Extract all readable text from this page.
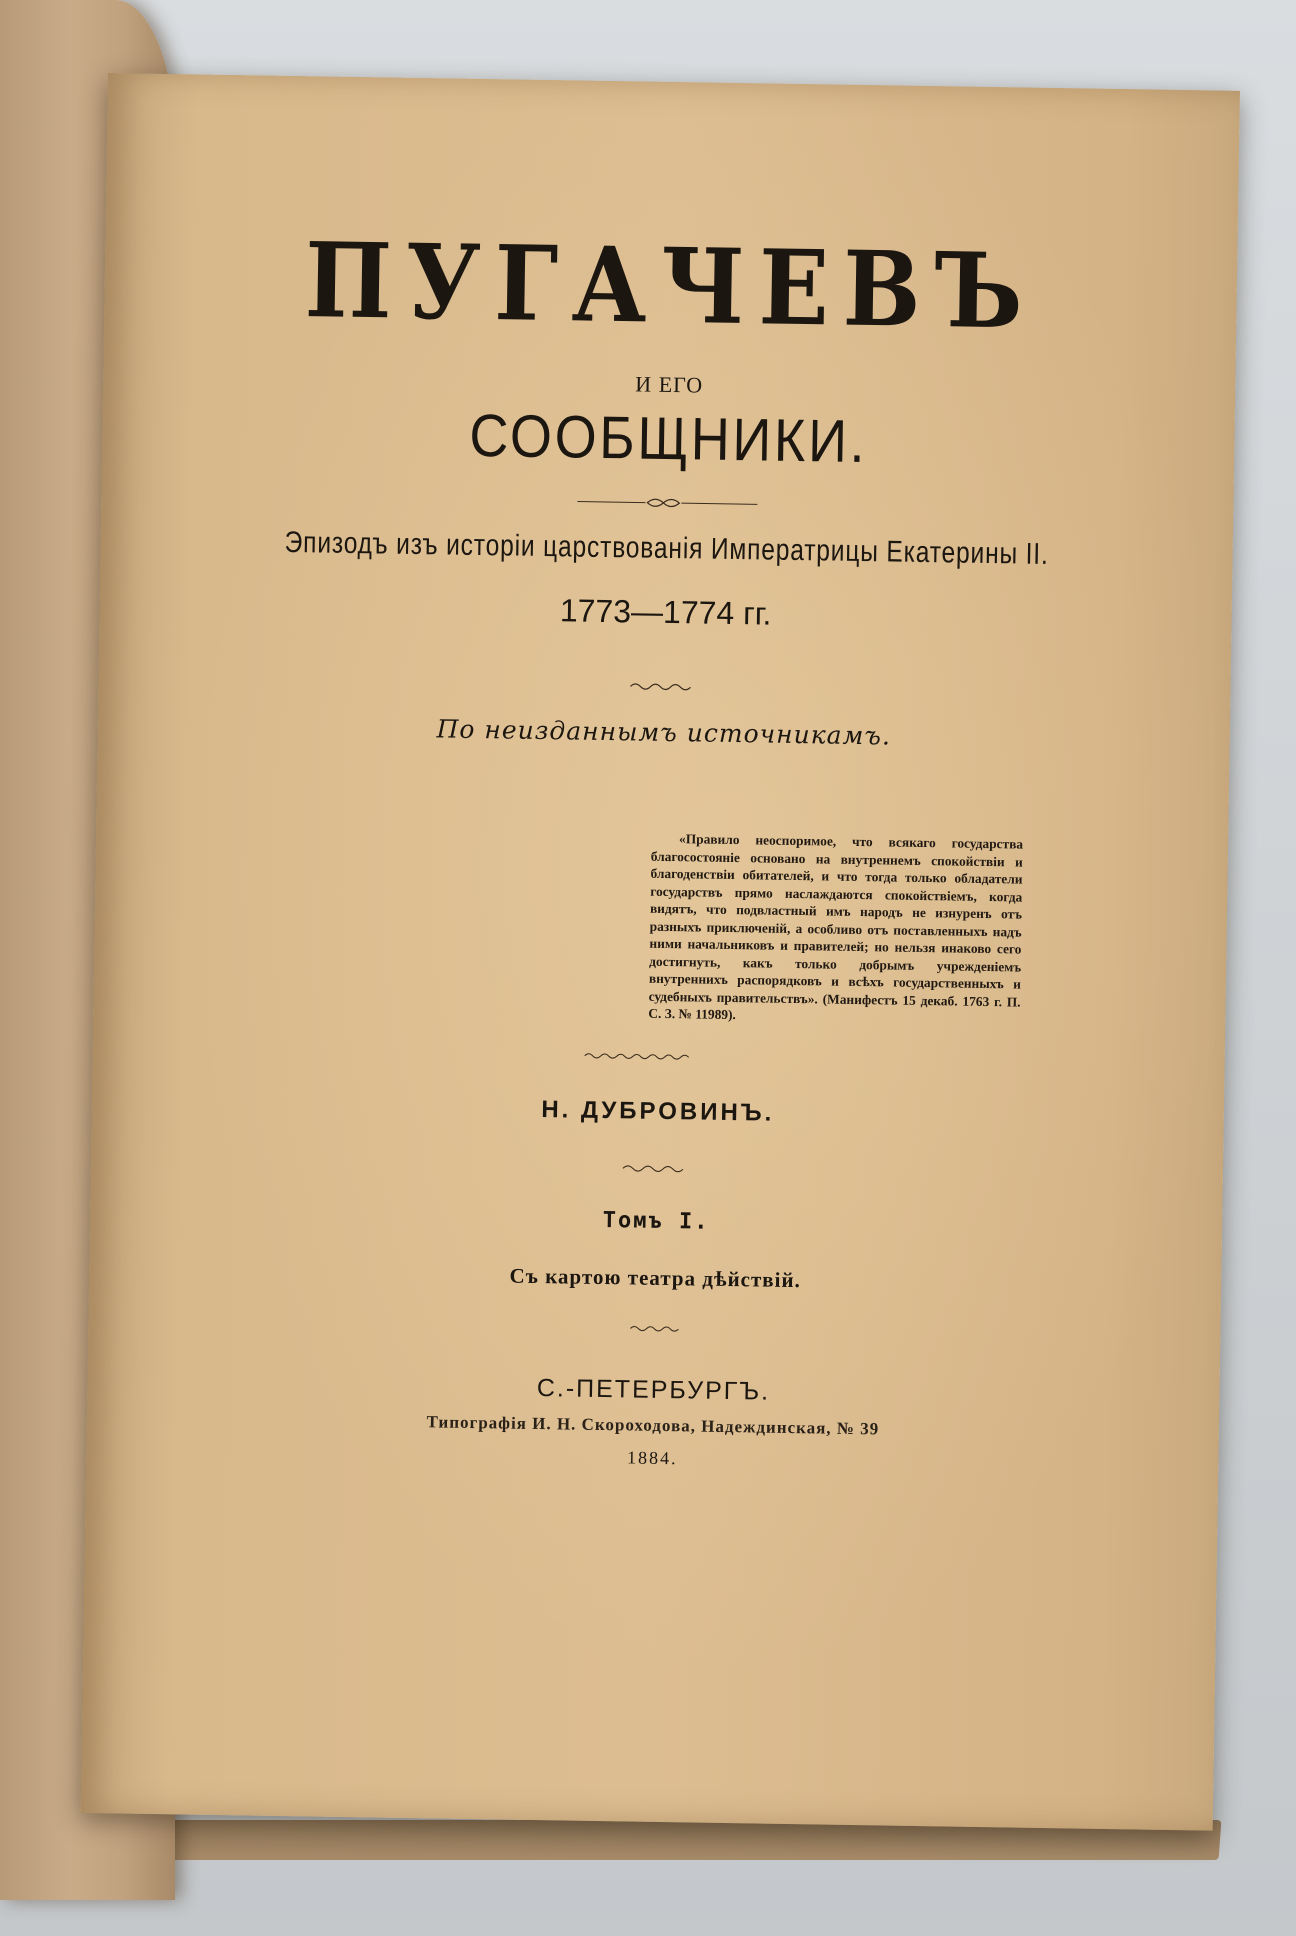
ПУГАЧЕВЪ
И ЕГО
СООБЩНИКИ.
Эпизодъ изъ исторіи царствованія Императрицы Екатерины II.
1773—1774 гг.
По неизданнымъ источникамъ.
«Правило неоспоримое, что всякаго государства благосостояніе основано на внутреннемъ спокойствіи и благоденствіи обитателей, и что тогда только обладатели государствъ прямо наслаждаются спокойствіемъ, когда видятъ, что подвластный имъ народъ не изнуренъ отъ разныхъ приключеній, а особливо отъ поставленныхъ надъ ними начальниковъ и правителей; но нельзя инаково сего достигнуть, какъ только добрымъ учрежденіемъ внутреннихъ распорядковъ и всѣхъ государственныхъ и судебныхъ правительствъ». (Манифестъ 15 декаб. 1763 г. П. С. З. № 11989).
Н. ДУБРОВИНЪ.
Томъ I.
Съ картою театра дѣйствій.
С.-ПЕТЕРБУРГЪ.
Типографія И. Н. Скороходова, Надеждинская, № 39
1884.
